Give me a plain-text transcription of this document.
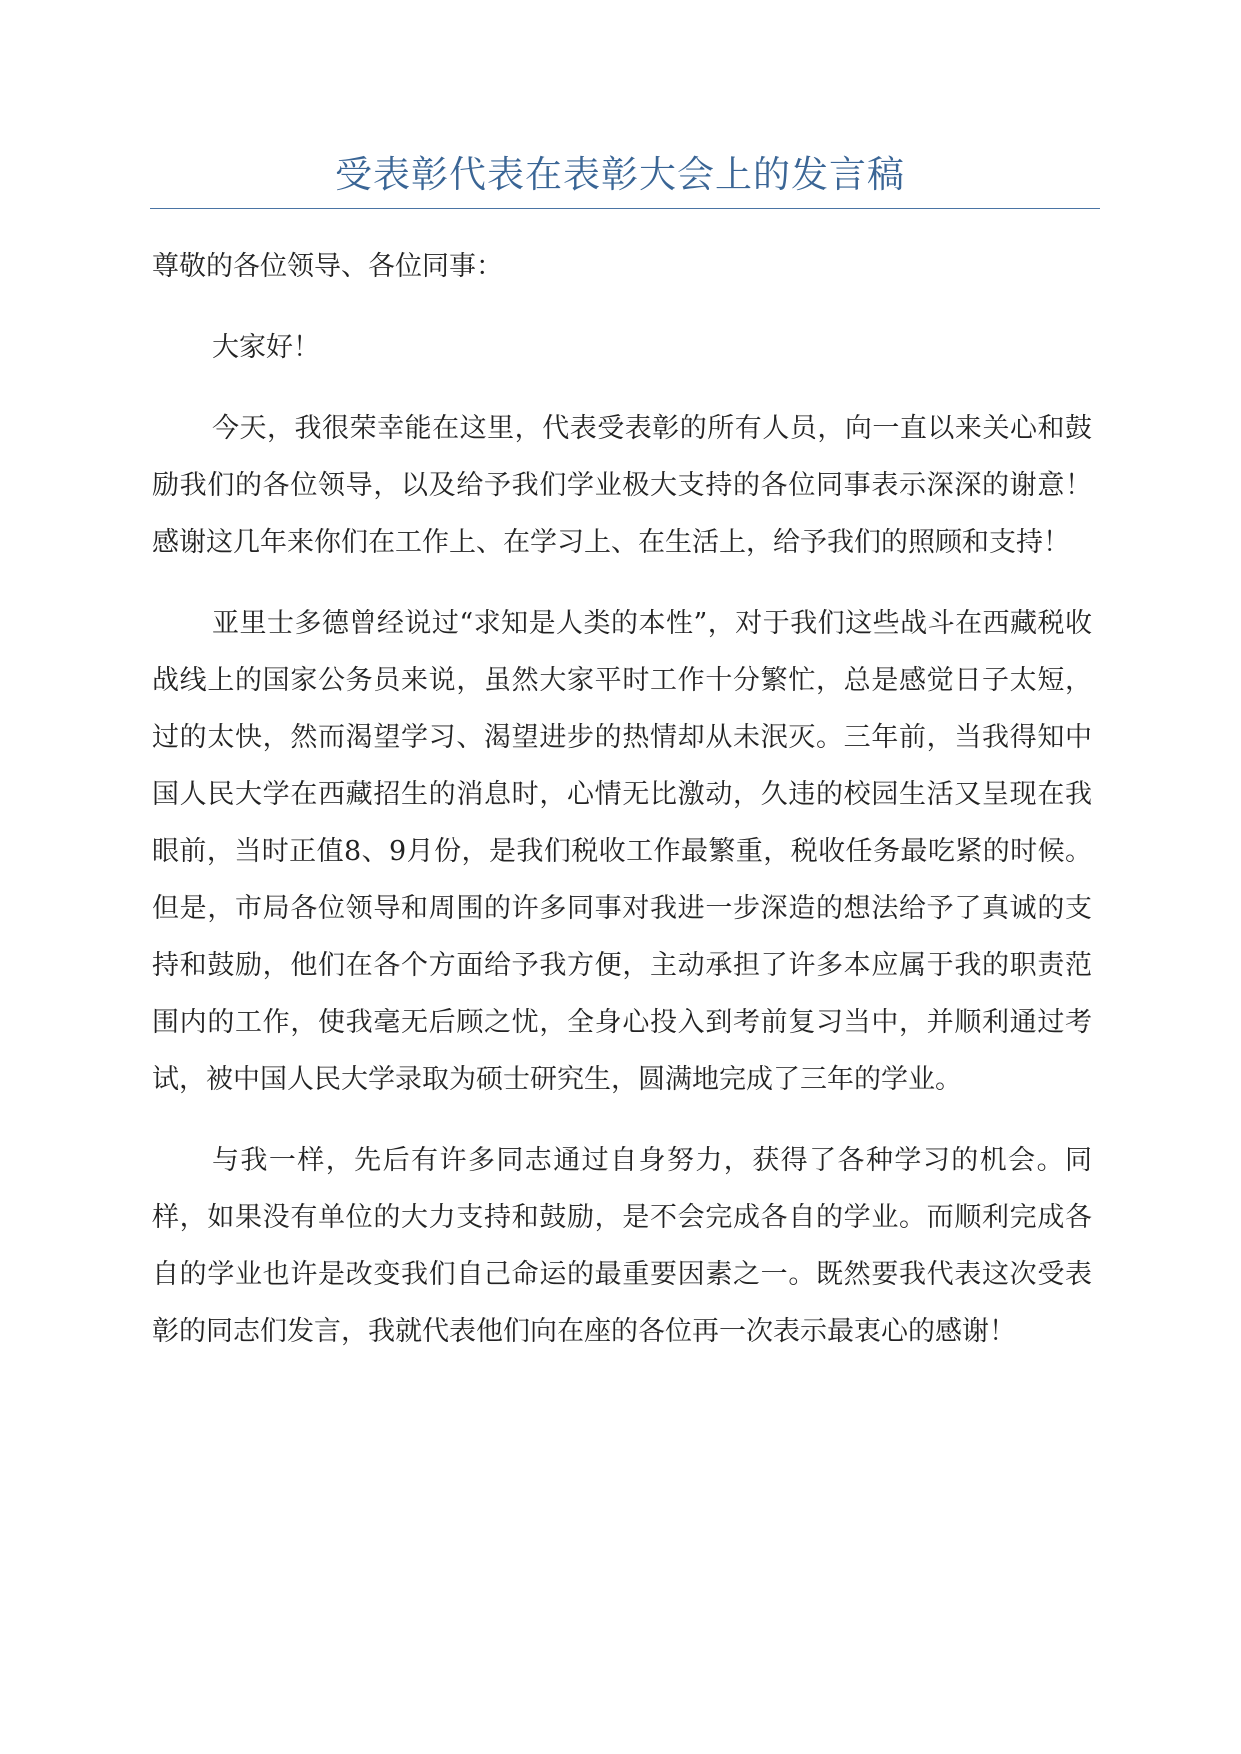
受表彰代表在表彰大会上的发言稿

尊敬的各位领导、各位同事：

大家好！

今天，我很荣幸能在这里，代表受表彰的所有人员，向一直以来关心和鼓励我们的各位领导，以及给予我们学业极大支持的各位同事表示深深的谢意！感谢这几年来你们在工作上、在学习上、在生活上，给予我们的照顾和支持！

亚里士多德曾经说过“求知是人类的本性”，对于我们这些战斗在西藏税收战线上的国家公务员来说，虽然大家平时工作十分繁忙，总是感觉日子太短，过的太快，然而渴望学习、渴望进步的热情却从未泯灭。三年前，当我得知中国人民大学在西藏招生的消息时，心情无比激动，久违的校园生活又呈现在我眼前，当时正值8、9月份，是我们税收工作最繁重，税收任务最吃紧的时候。但是，市局各位领导和周围的许多同事对我进一步深造的想法给予了真诚的支持和鼓励，他们在各个方面给予我方便，主动承担了许多本应属于我的职责范围内的工作，使我毫无后顾之忧，全身心投入到考前复习当中，并顺利通过考试，被中国人民大学录取为硕士研究生，圆满地完成了三年的学业。

与我一样，先后有许多同志通过自身努力，获得了各种学习的机会。同样，如果没有单位的大力支持和鼓励，是不会完成各自的学业。而顺利完成各自的学业也许是改变我们自己命运的最重要因素之一。既然要我代表这次受表彰的同志们发言，我就代表他们向在座的各位再一次表示最衷心的感谢！
